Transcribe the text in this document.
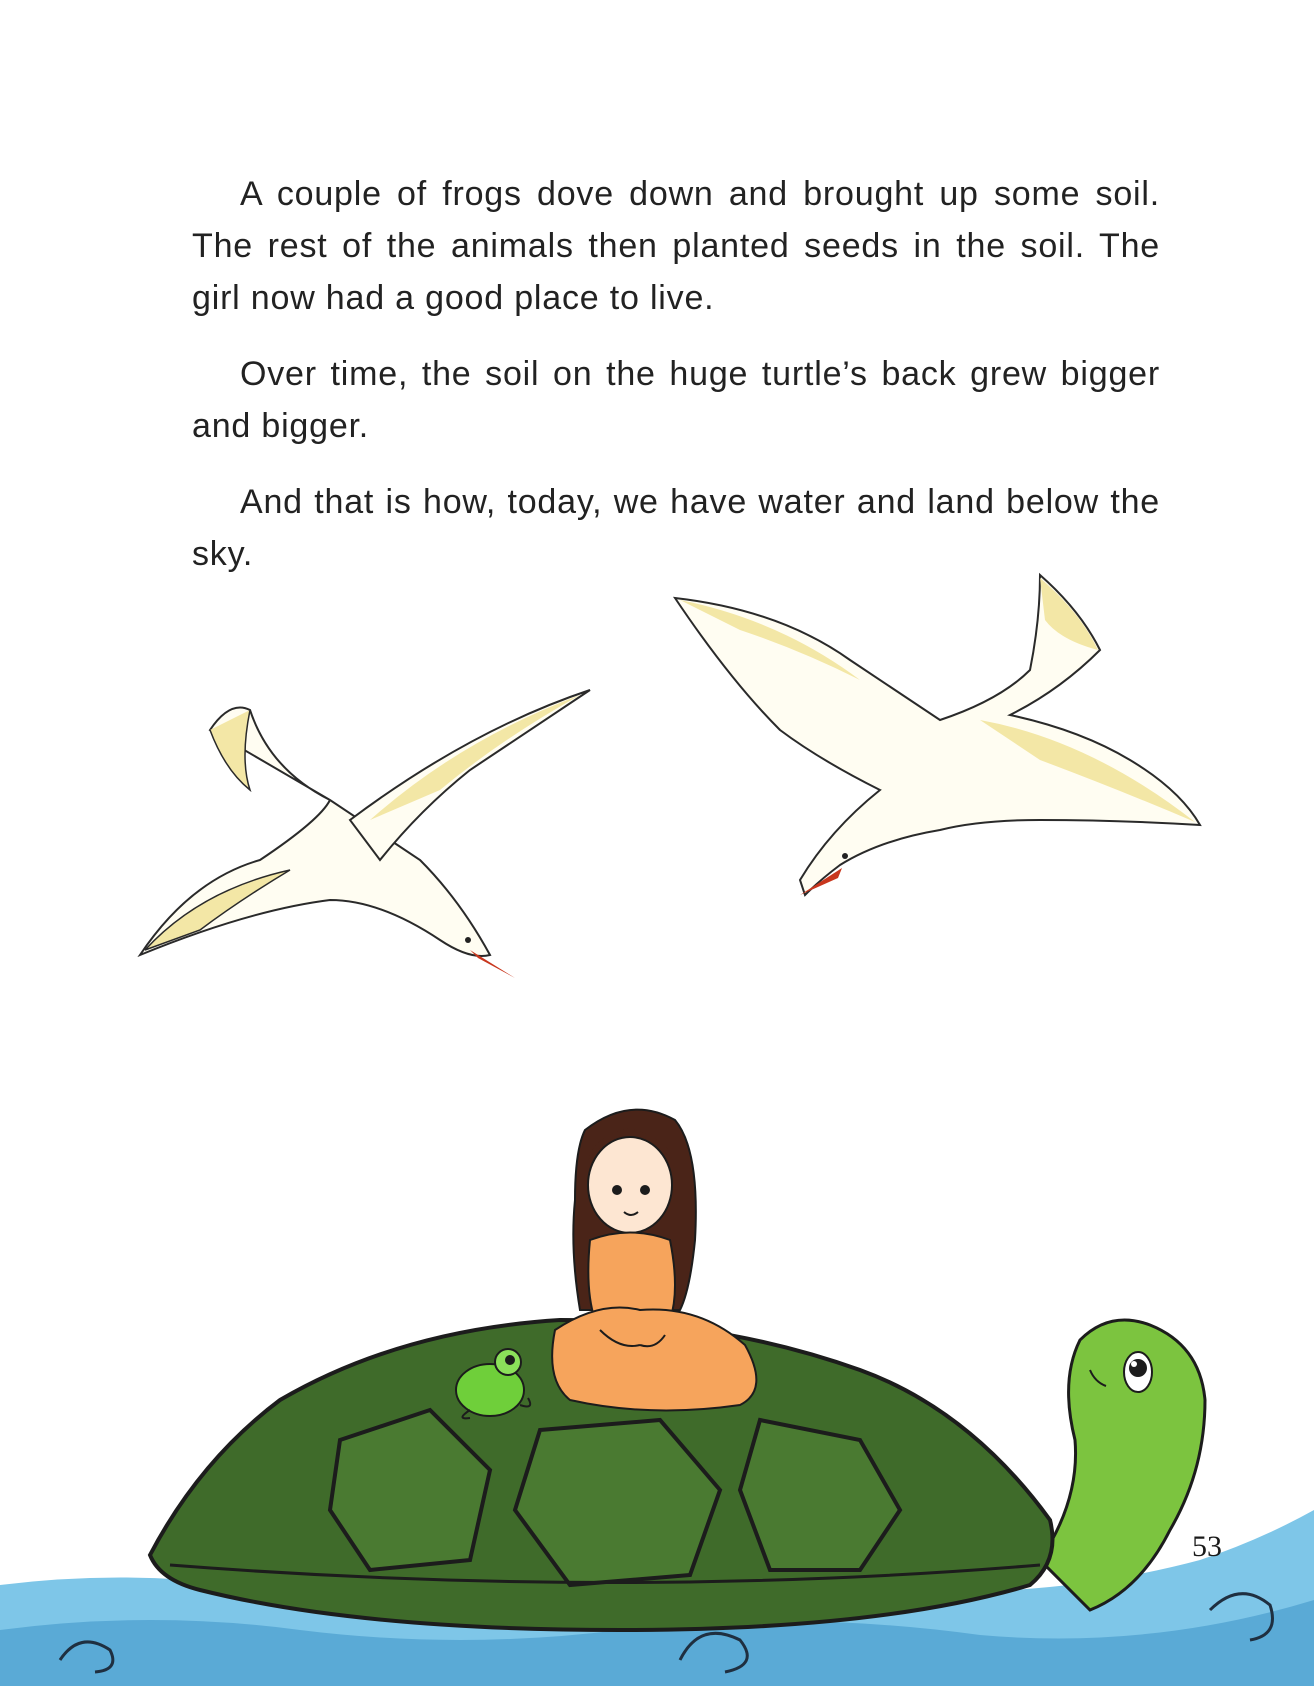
A couple of frogs dove down and brought up some soil. The rest of the animals then planted seeds in the soil. The girl now had a good place to live.

Over time, the soil on the huge turtle’s back grew bigger and bigger.

And that is how, today, we have water and land below the sky.

53
